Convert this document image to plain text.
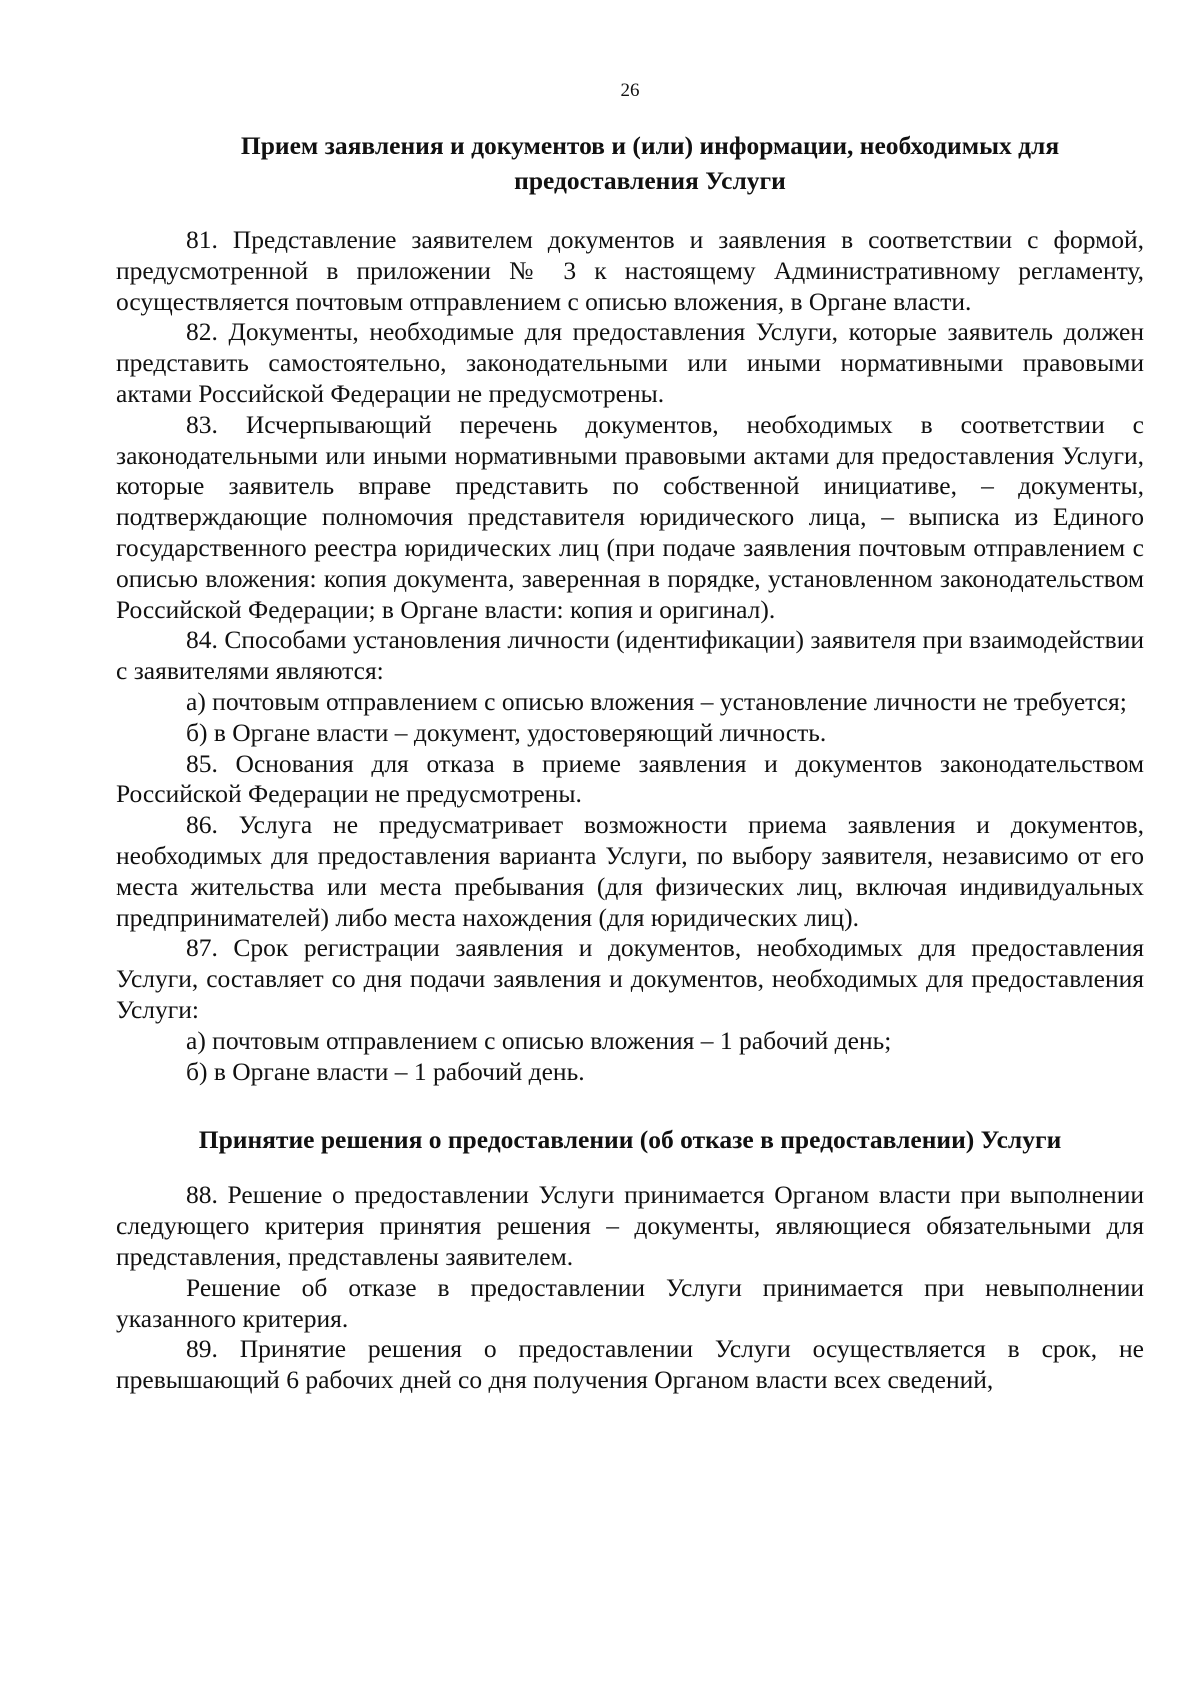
26
Прием заявления и документов и (или) информации, необходимых для предоставления Услуги

81. Представление заявителем документов и заявления в соответствии с формой, предусмотренной в приложении № 3 к настоящему Административному регламенту, осуществляется почтовым отправлением с описью вложения, в Органе власти.

82. Документы, необходимые для предоставления Услуги, которые заявитель должен представить самостоятельно, законодательными или иными нормативными правовыми актами Российской Федерации не предусмотрены.

83. Исчерпывающий перечень документов, необходимых в соответствии с законодательными или иными нормативными правовыми актами для предоставления Услуги, которые заявитель вправе представить по собственной инициативе, – документы, подтверждающие полномочия представителя юридического лица, – выписка из Единого государственного реестра юридических лиц (при подаче заявления почтовым отправлением с описью вложения: копия документа, заверенная в порядке, установленном законодательством Российской Федерации; в Органе власти: копия и оригинал).

84. Способами установления личности (идентификации) заявителя при взаимодействии с заявителями являются:

а) почтовым отправлением с описью вложения – установление личности не требуется;

б) в Органе власти – документ, удостоверяющий личность.

85. Основания для отказа в приеме заявления и документов законодательством Российской Федерации не предусмотрены.

86. Услуга не предусматривает возможности приема заявления и документов, необходимых для предоставления варианта Услуги, по выбору заявителя, независимо от его места жительства или места пребывания (для физических лиц, включая индивидуальных предпринимателей) либо места нахождения (для юридических лиц).

87. Срок регистрации заявления и документов, необходимых для предоставления Услуги, составляет со дня подачи заявления и документов, необходимых для предоставления Услуги:

а) почтовым отправлением с описью вложения – 1 рабочий день;

б) в Органе власти – 1 рабочий день.

Принятие решения о предоставлении (об отказе в предоставлении) Услуги

88. Решение о предоставлении Услуги принимается Органом власти при выполнении следующего критерия принятия решения – документы, являющиеся обязательными для представления, представлены заявителем.

Решение об отказе в предоставлении Услуги принимается при невыполнении указанного критерия.

89. Принятие решения о предоставлении Услуги осуществляется в срок, не превышающий 6 рабочих дней со дня получения Органом власти всех сведений,
